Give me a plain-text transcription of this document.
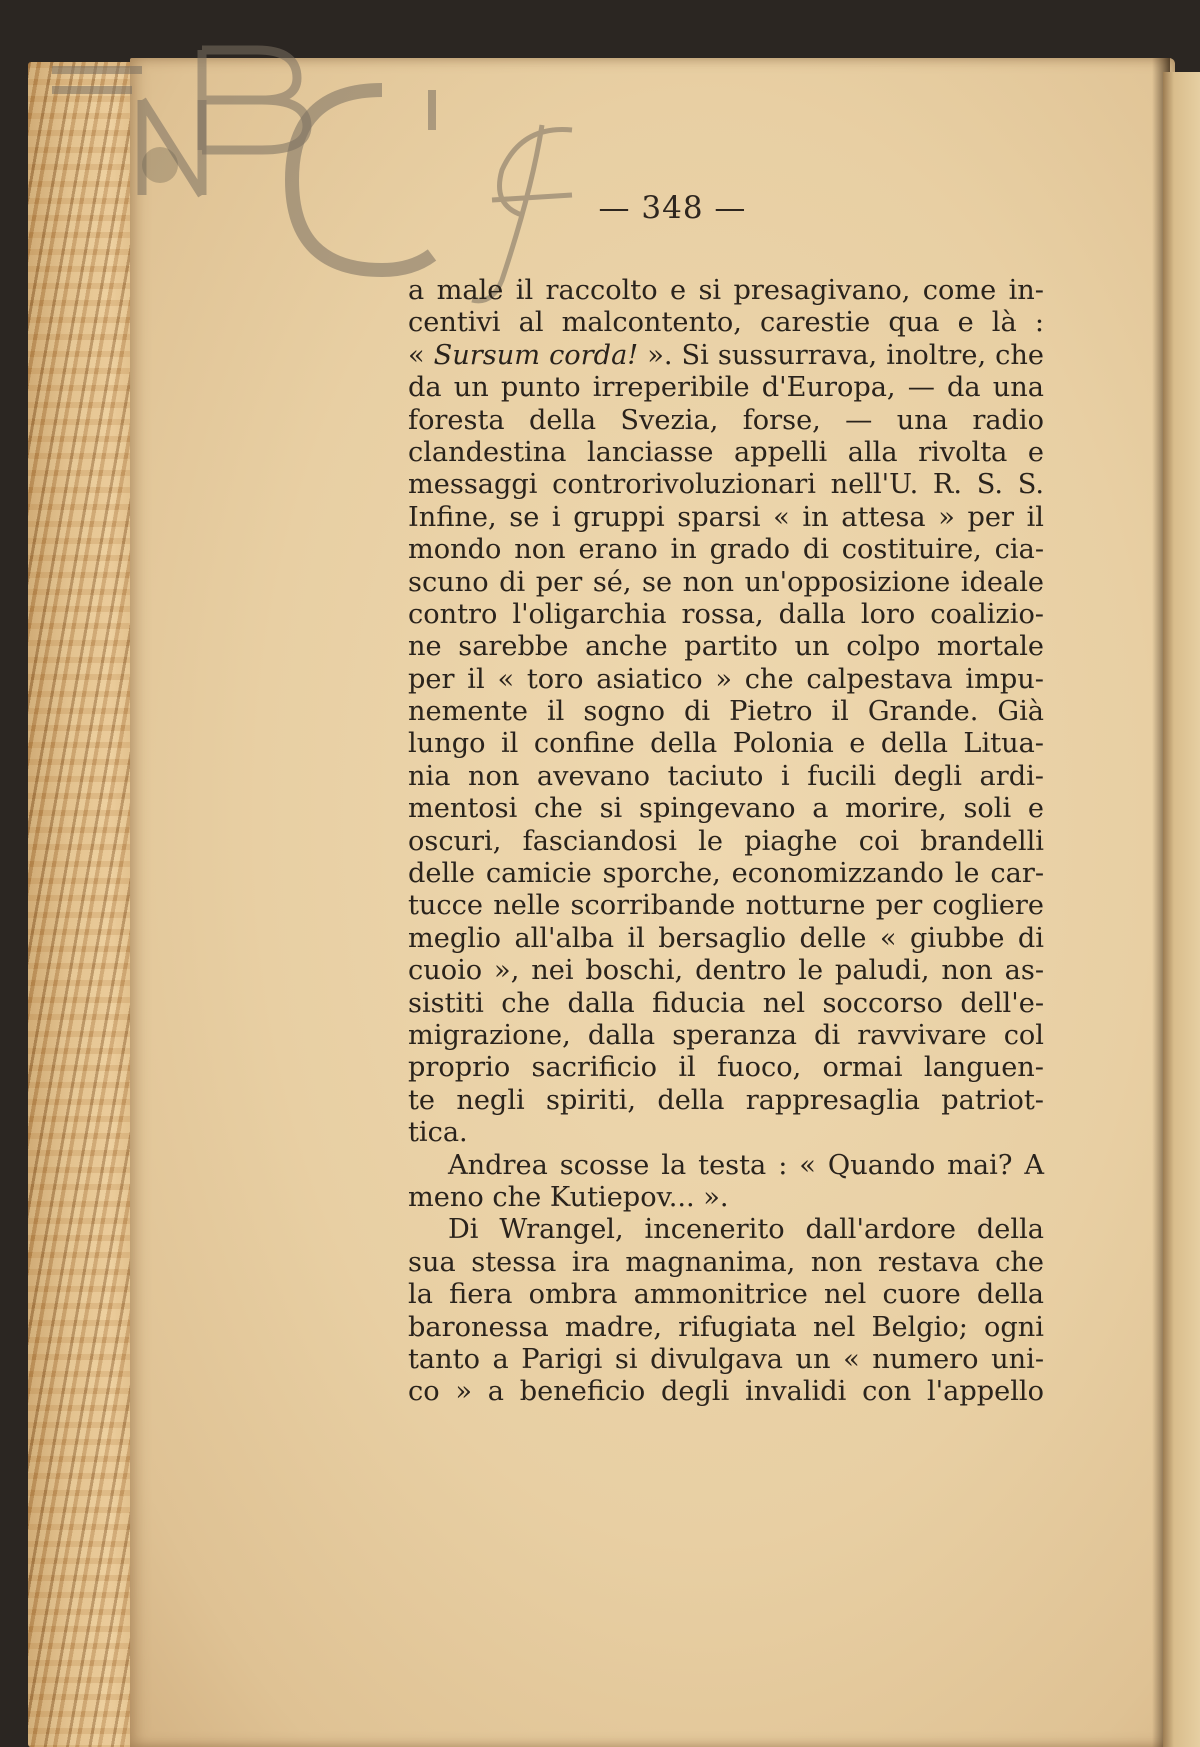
— 348 —
a male il raccolto e si presagivano, come in-
centivi al malcontento, carestie qua e là :
« Sursum corda! ». Si sussurrava, inoltre, che
da un punto irreperibile d'Europa, — da una
foresta della Svezia, forse, — una radio
clandestina lanciasse appelli alla rivolta e
messaggi controrivoluzionari nell'U. R. S. S.
Infine, se i gruppi sparsi « in attesa » per il
mondo non erano in grado di costituire, cia-
scuno di per sé, se non un'opposizione ideale
contro l'oligarchia rossa, dalla loro coalizio-
ne sarebbe anche partito un colpo mortale
per il « toro asiatico » che calpestava impu-
nemente il sogno di Pietro il Grande. Già
lungo il confine della Polonia e della Litua-
nia non avevano taciuto i fucili degli ardi-
mentosi che si spingevano a morire, soli e
oscuri, fasciandosi le piaghe coi brandelli
delle camicie sporche, economizzando le car-
tucce nelle scorribande notturne per cogliere
meglio all'alba il bersaglio delle « giubbe di
cuoio », nei boschi, dentro le paludi, non as-
sistiti che dalla fiducia nel soccorso dell'e-
migrazione, dalla speranza di ravvivare col
proprio sacrificio il fuoco, ormai languen-
te negli spiriti, della rappresaglia patriot-
tica.
Andrea scosse la testa : « Quando mai? A
meno che Kutiepov... ».
Di Wrangel, incenerito dall'ardore della
sua stessa ira magnanima, non restava che
la fiera ombra ammonitrice nel cuore della
baronessa madre, rifugiata nel Belgio; ogni
tanto a Parigi si divulgava un « numero uni-
co » a beneficio degli invalidi con l'appello
